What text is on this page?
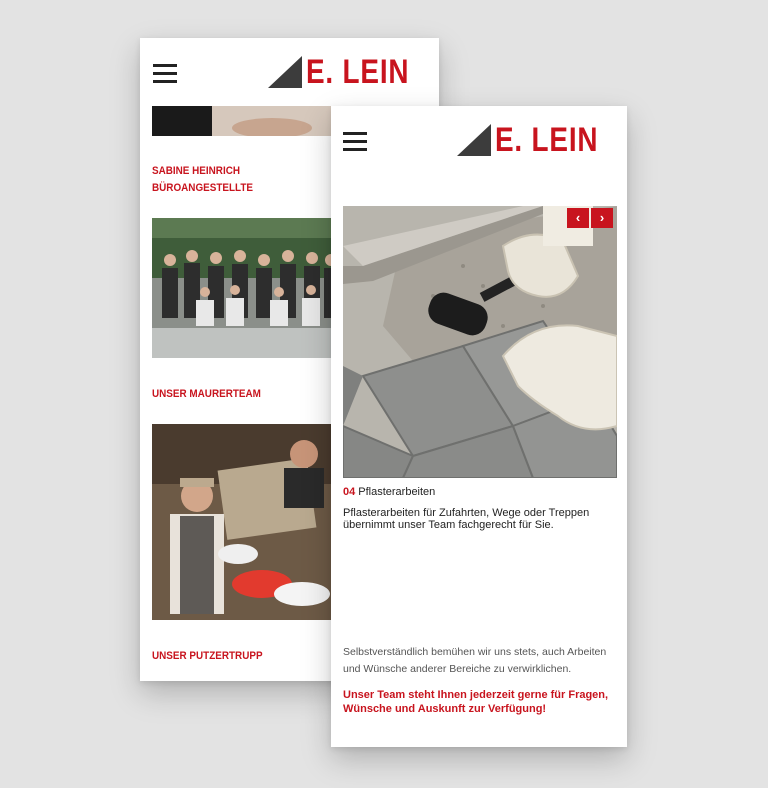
E. LEIN
SABINE HEINRICH
BÜROANGESTELLTE
UNSER MAURERTEAM
UNSER PUTZERTRUPP
E. LEIN
‹	›
04 Pflasterarbeiten
Pflasterarbeiten für Zufahrten, Wege oder Treppen übernimmt unser Team fachgerecht für Sie.
Selbstverständlich bemühen wir uns stets, auch Arbeiten und Wünsche anderer Bereiche zu verwirklichen.
Unser Team steht Ihnen jederzeit gerne für Fragen, Wünsche und Auskunft zur Verfügung!
